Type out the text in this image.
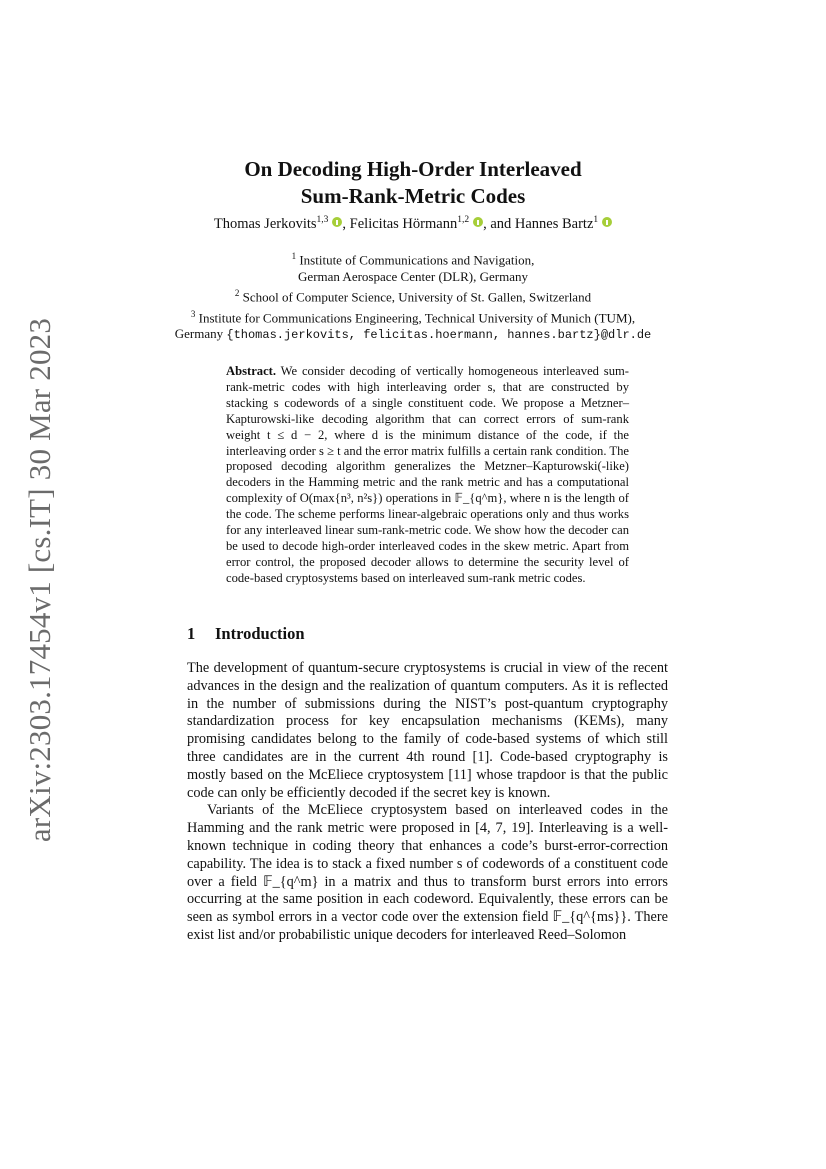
arXiv:2303.17454v1 [cs.IT] 30 Mar 2023
On Decoding High-Order Interleaved
Sum-Rank-Metric Codes
Thomas Jerkovits$^{1,3}$ , Felicitas Hörmann$^{1,2}$ , and Hannes Bartz$^1$
$^1$ Institute of Communications and Navigation,
German Aerospace Center (DLR), Germany
$^2$ School of Computer Science, University of St. Gallen, Switzerland
$^3$ Institute for Communications Engineering, Technical University of Munich (TUM),
Germany {thomas.jerkovits, felicitas.hoermann, hannes.bartz}@dlr.de
Abstract. We consider decoding of vertically homogeneous interleaved sum-rank-metric codes with high interleaving order s, that are constructed by stacking s codewords of a single constituent code. We propose a Metzner–Kapturowski-like decoding algorithm that can correct errors of sum-rank weight t ≤ d − 2, where d is the minimum distance of the code, if the interleaving order s ≥ t and the error matrix fulfills a certain rank condition. The proposed decoding algorithm generalizes the Metzner–Kapturowski(-like) decoders in the Hamming metric and the rank metric and has a computational complexity of O(max{n³, n²s}) operations in 𝔽_{q^m}, where n is the length of the code. The scheme performs linear-algebraic operations only and thus works for any interleaved linear sum-rank-metric code. We show how the decoder can be used to decode high-order interleaved codes in the skew metric. Apart from error control, the proposed decoder allows to determine the security level of code-based cryptosystems based on interleaved sum-rank metric codes.
1 Introduction

The development of quantum-secure cryptosystems is crucial in view of the recent advances in the design and the realization of quantum computers. As it is reflected in the number of submissions during the NIST’s post-quantum cryptography standardization process for key encapsulation mechanisms (KEMs), many promising candidates belong to the family of code-based systems of which still three candidates are in the current 4th round [1]. Code-based cryptography is mostly based on the McEliece cryptosystem [11] whose trapdoor is that the public code can only be efficiently decoded if the secret key is known.

Variants of the McEliece cryptosystem based on interleaved codes in the Hamming and the rank metric were proposed in [4, 7, 19]. Interleaving is a well-known technique in coding theory that enhances a code’s burst-error-correction capability. The idea is to stack a fixed number s of codewords of a constituent code over a field 𝔽_{q^m} in a matrix and thus to transform burst errors into errors occurring at the same position in each codeword. Equivalently, these errors can be seen as symbol errors in a vector code over the extension field 𝔽_{q^{ms}}. There exist list and/or probabilistic unique decoders for interleaved Reed–Solomon
